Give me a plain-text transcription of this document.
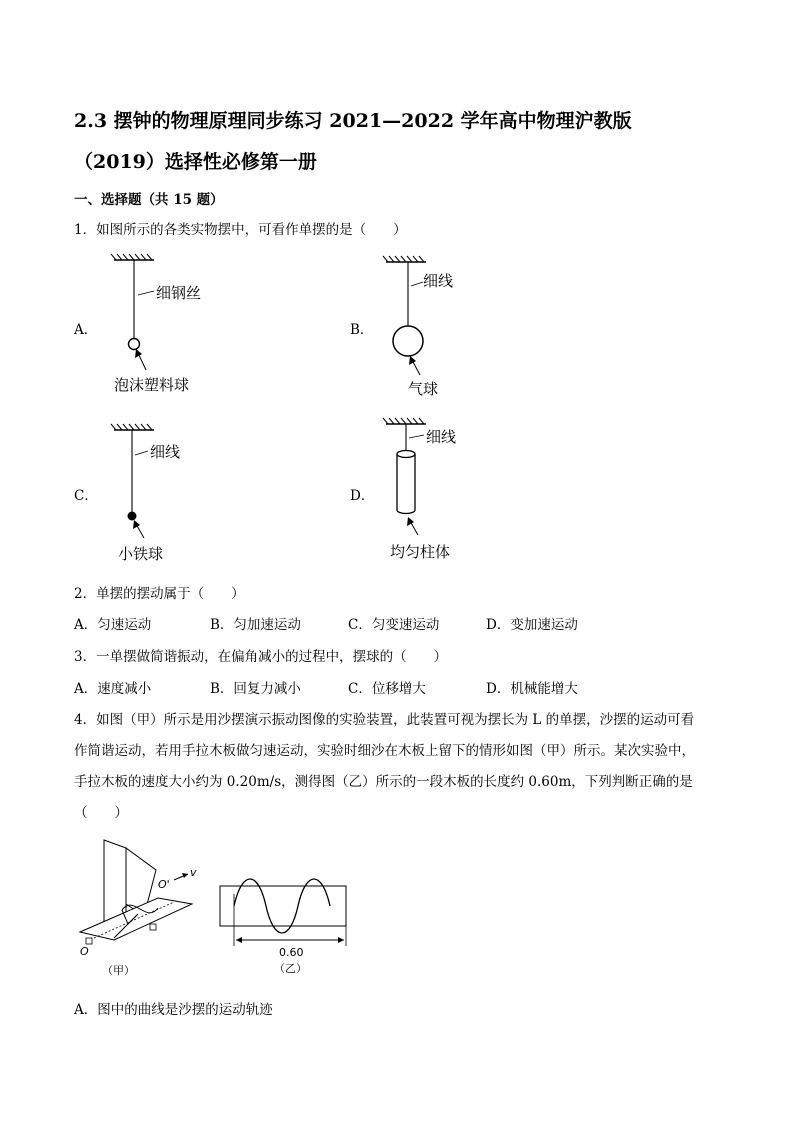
2.3 摆钟的物理原理同步练习 2021—2022 学年高中物理沪教版
（2019）选择性必修第一册
一、选择题（共 15 题）
1．如图所示的各类实物摆中，可看作单摆的是（　　）
A．
细钢丝
泡沫塑料球
B．
细线
气球
C．
细线
小铁球
D．
细线
均匀柱体
2．单摆的摆动属于（　　）
A．匀速运动	B．匀加速运动	C．匀变速运动	D．变加速运动
3．一单摆做简谐振动，在偏角减小的过程中，摆球的（　　）
A．速度减小	B．回复力减小	C．位移增大	D．机械能增大
4．如图（甲）所示是用沙摆演示振动图像的实验装置，此装置可视为摆长为 L 的单摆，沙摆的运动可看
作简谐运动，若用手拉木板做匀速运动，实验时细沙在木板上留下的情形如图（甲）所示。某次实验中，
手拉木板的速度大小约为 0.20m/s，测得图（乙）所示的一段木板的长度约 0.60m，下列判断正确的是
（　　）
O'
v
O
（甲）
0.60
（乙）
A．图中的曲线是沙摆的运动轨迹
